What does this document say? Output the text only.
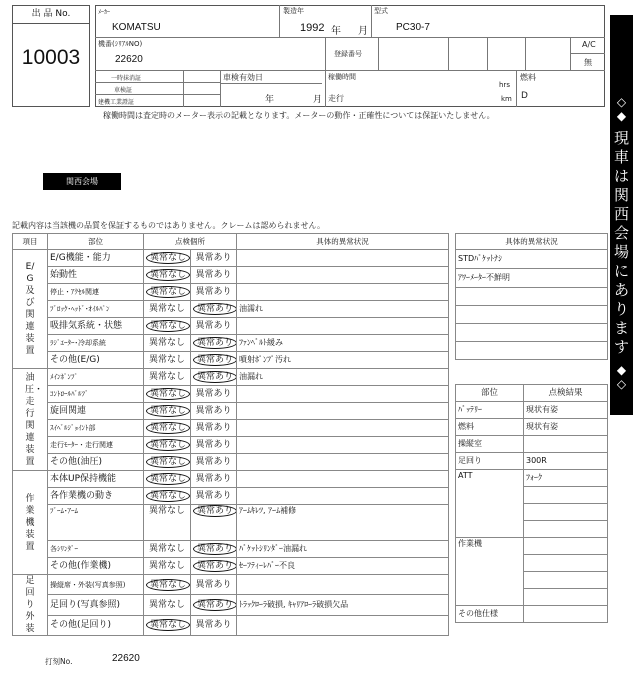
出 品 No.
10003
ﾒｰｶｰ
KOMATSU
製造年
1992 年 月
型式
PC30-7
機番(ｼﾘｱﾙNO)
22620	登録番号
A/C
無
一時抹消証
車検証
建機工業證証
車検有効日
年	月
稼働時間
hrs
走行	km
燃料
D
稼働時間は査定時のメーター表示の記載となります。メーターの動作・正確性については保証いたしません。
◇
◆
現車は関西会場にあります
◆
◇
関西会場
記載内容は当該機の品質を保証するものではありません。クレームは認められません。
項目	部位	点検個所		具体的異常状況

E/G及び関連装置	E/G機能・能力	異常なし	異常あり	
	始動性	異常なし	異常あり	
	停止・ｱｸｾﾙ関連	異常なし	異常あり	
	ﾌﾞﾛｯｸ･ﾍｯﾄﾞ･ｵｲﾙﾊﾟﾝ	異常なし	異常あり	油濡れ
	吸排気系統・状態	異常なし	異常あり	
	ﾗｼﾞｴｰﾀｰ･冷却系統	異常なし	異常あり	ﾌｧﾝﾍﾞﾙﾄ緩み
	その他(E/G)	異常なし	異常あり	噴射ﾎﾟﾝﾌﾟ汚れ

油圧・走行関連装置	ﾒｲﾝﾎﾟﾝﾌﾟ	異常なし	異常あり	油漏れ
	ｺﾝﾄﾛｰﾙﾊﾞﾙﾌﾞ	異常なし	異常あり	
	旋回関連	異常なし	異常あり	
	ｽｲﾍﾞﾙｼﾞｮｲﾝﾄ部	異常なし	異常あり	
	走行ﾓｰﾀｰ・走行関連	異常なし	異常あり	
	その他(油圧)	異常なし	異常あり	

作業機装置	本体UP保持機能	異常なし	異常あり	
	各作業機の動き	異常なし	異常あり	
	ﾌﾞｰﾑ･ｱｰﾑ	異常なし	異常あり	ｱｰﾑｷﾚﾂ, ｱｰﾑ補修
	各ｼﾘﾝﾀﾞｰ	異常なし	異常あり	ﾊﾞｹｯﾄｼﾘﾝﾀﾞｰ油漏れ
	その他(作業機)	異常なし	異常あり	ｾｰﾌﾃｨｰﾚﾊﾞｰ不良

足回り外装	操縦席・外装(写真参照)	異常なし	異常あり	
	足回り(写真参照)	異常なし	異常あり	ﾄﾗｯｸﾛｰﾗ破損, ｷｬﾘｱﾛｰﾗ破損欠品
	その他(足回り)	異常なし	異常あり	
具体的異常状況
STDﾊﾞｹｯﾄﾅｼ
ｱﾜｰﾒｰﾀｰ不鮮明

部位	点検結果
ﾊﾞｯﾃﾘｰ	現状有姿
燃料	現状有姿
操縦室	
足回り	300R
ATT	ﾌｫｰｸ

作業機	

その他仕様	
打刻No.	22620
